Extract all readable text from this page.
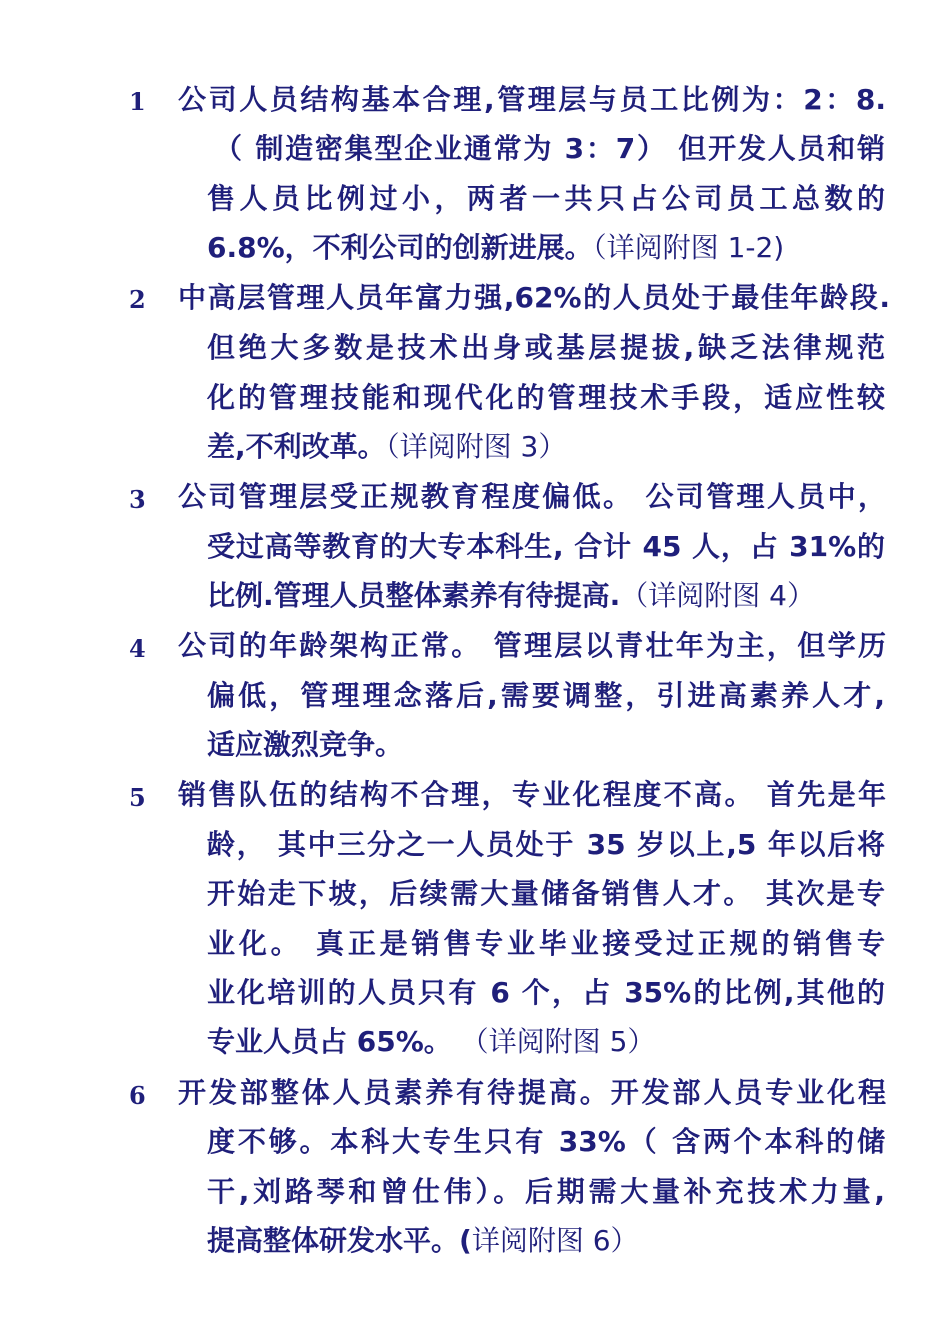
1 公司人员结构基本合理,管理层与员工比例为：2：8.
（ 制造密集型企业通常为 3：7） 但开发人员和销
售人员比例过小，两者一共只占公司员工总数的
6.8%，不利公司的创新进展。（详阅附图 1-2)
2 中高层管理人员年富力强,62%的人员处于最佳年龄段.
但绝大多数是技术出身或基层提拔,缺乏法律规范
化的管理技能和现代化的管理技术手段，适应性较
差,不利改革。（详阅附图 3）
3 公司管理层受正规教育程度偏低。 公司管理人员中，
受过高等教育的大专本科生, 合计 45 人，占 31%的
比例.管理人员整体素养有待提高.（详阅附图 4）
4 公司的年龄架构正常。 管理层以青壮年为主，但学历
偏低，管理理念落后,需要调整，引进高素养人才,
适应激烈竞争。
5 销售队伍的结构不合理，专业化程度不高。 首先是年
龄， 其中三分之一人员处于 35 岁以上,5 年以后将
开始走下坡，后续需大量储备销售人才。 其次是专
业化。 真正是销售专业毕业接受过正规的销售专
业化培训的人员只有 6 个，占 35%的比例,其他的
专业人员占 65%。 （详阅附图 5）
6 开发部整体人员素养有待提高。开发部人员专业化程
度不够。本科大专生只有 33%（ 含两个本科的储
干,刘路琴和曾仕伟）。后期需大量补充技术力量,
提高整体研发水平。(详阅附图 6）
